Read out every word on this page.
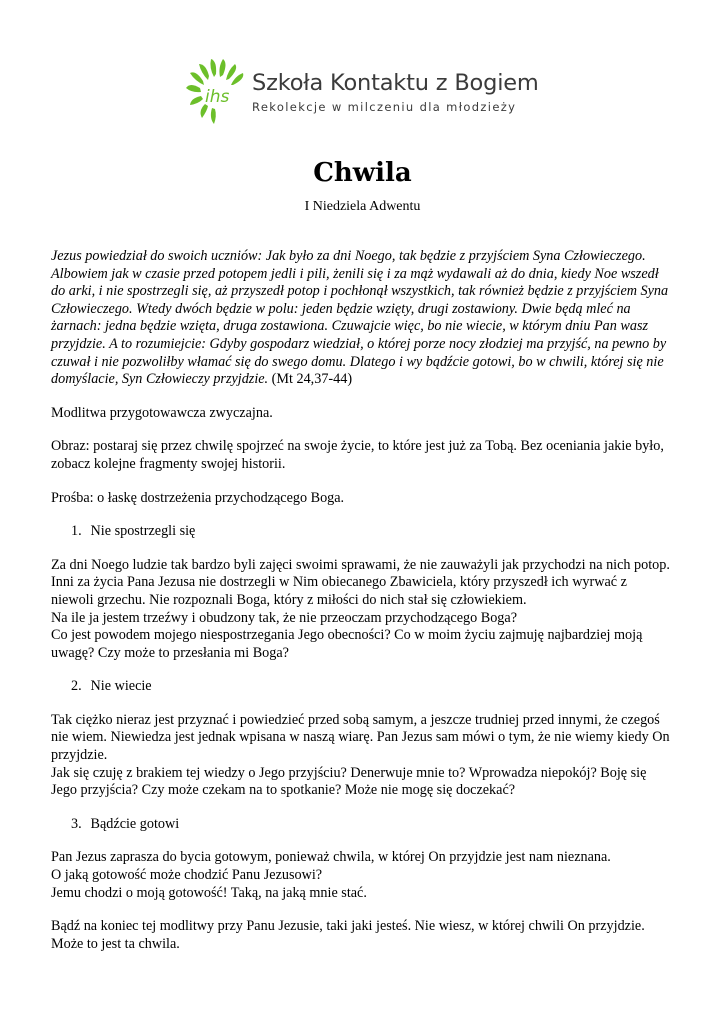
ihs
Szkoła Kontaktu z Bogiem
Rekolekcje w milczeniu dla młodzieży
Chwila
I Niedziela Adwentu

Jezus powiedział do swoich uczniów: Jak było za dni Noego, tak będzie z przyjściem Syna Człowieczego. Albowiem jak w czasie przed potopem jedli i pili, żenili się i za mąż wydawali aż do dnia, kiedy Noe wszedł do arki, i nie spostrzegli się, aż przyszedł potop i pochłonął wszystkich, tak również będzie z przyjściem Syna Człowieczego. Wtedy dwóch będzie w polu: jeden będzie wzięty, drugi zostawiony. Dwie będą mleć na żarnach: jedna będzie wzięta, druga zostawiona. Czuwajcie więc, bo nie wiecie, w którym dniu Pan wasz przyjdzie. A to rozumiejcie: Gdyby gospodarz wiedział, o której porze nocy złodziej ma przyjść, na pewno by czuwał i nie pozwoliłby włamać się do swego domu. Dlatego i wy bądźcie gotowi, bo w chwili, której się nie domyślacie, Syn Człowieczy przyjdzie. (Mt 24,37-44)

Modlitwa przygotowawcza zwyczajna.

Obraz: postaraj się przez chwilę spojrzeć na swoje życie, to które jest już za Tobą. Bez oceniania jakie było, zobacz kolejne fragmenty swojej historii.

Prośba: o łaskę dostrzeżenia przychodzącego Boga.

1. Nie spostrzegli się

Za dni Noego ludzie tak bardzo byli zajęci swoimi sprawami, że nie zauważyli jak przychodzi na nich potop. Inni za życia Pana Jezusa nie dostrzegli w Nim obiecanego Zbawiciela, który przyszedł ich wyrwać z niewoli grzechu. Nie rozpoznali Boga, który z miłości do nich stał się człowiekiem.
Na ile ja jestem trzeźwy i obudzony tak, że nie przeoczam przychodzącego Boga?
Co jest powodem mojego niespostrzegania Jego obecności? Co w moim życiu zajmuję najbardziej moją uwagę? Czy może to przesłania mi Boga?

2. Nie wiecie

Tak ciężko nieraz jest przyznać i powiedzieć przed sobą samym, a jeszcze trudniej przed innymi, że czegoś nie wiem. Niewiedza jest jednak wpisana w naszą wiarę. Pan Jezus sam mówi o tym, że nie wiemy kiedy On przyjdzie.
Jak się czuję z brakiem tej wiedzy o Jego przyjściu? Denerwuje mnie to? Wprowadza niepokój? Boję się Jego przyjścia? Czy może czekam na to spotkanie? Może nie mogę się doczekać?

3. Bądźcie gotowi

Pan Jezus zaprasza do bycia gotowym, ponieważ chwila, w której On przyjdzie jest nam nieznana.
O jaką gotowość może chodzić Panu Jezusowi?
Jemu chodzi o moją gotowość! Taką, na jaką mnie stać.

Bądź na koniec tej modlitwy przy Panu Jezusie, taki jaki jesteś. Nie wiesz, w której chwili On przyjdzie. Może to jest ta chwila.
